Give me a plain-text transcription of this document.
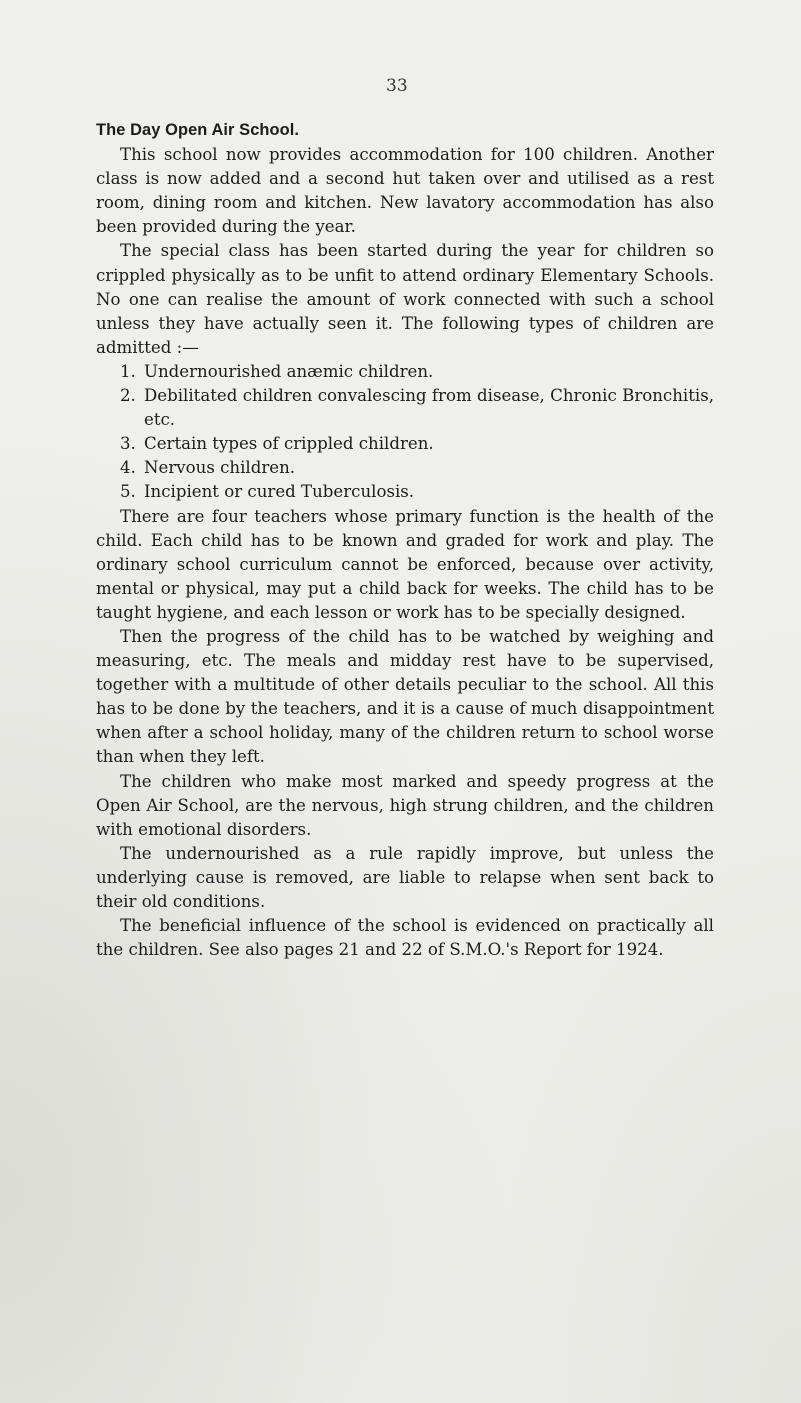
33
The Day Open Air School.

This school now provides accommodation for 100 children. Another class is now added and a second hut taken over and utilised as a rest room, dining room and kitchen. New lavatory accommodation has also been provided during the year.

The special class has been started during the year for children so crippled physically as to be unfit to attend ordinary Elementary Schools. No one can realise the amount of work connected with such a school unless they have actually seen it. The following types of children are admitted :—

1. Undernourished anæmic children.
2. Debilitated children convalescing from disease, Chronic Bronchitis, etc.
3. Certain types of crippled children.
4. Nervous children.
5. Incipient or cured Tuberculosis.

There are four teachers whose primary function is the health of the child. Each child has to be known and graded for work and play. The ordinary school curriculum cannot be enforced, because over activity, mental or physical, may put a child back for weeks. The child has to be taught hygiene, and each lesson or work has to be specially designed.

Then the progress of the child has to be watched by weighing and measuring, etc. The meals and midday rest have to be supervised, together with a multitude of other details peculiar to the school. All this has to be done by the teachers, and it is a cause of much disappointment when after a school holiday, many of the children return to school worse than when they left.

The children who make most marked and speedy progress at the Open Air School, are the nervous, high strung children, and the children with emotional disorders.

The undernourished as a rule rapidly improve, but unless the underlying cause is removed, are liable to relapse when sent back to their old conditions.

The beneficial influence of the school is evidenced on practically all the children. See also pages 21 and 22 of S.M.O.'s Report for 1924.
